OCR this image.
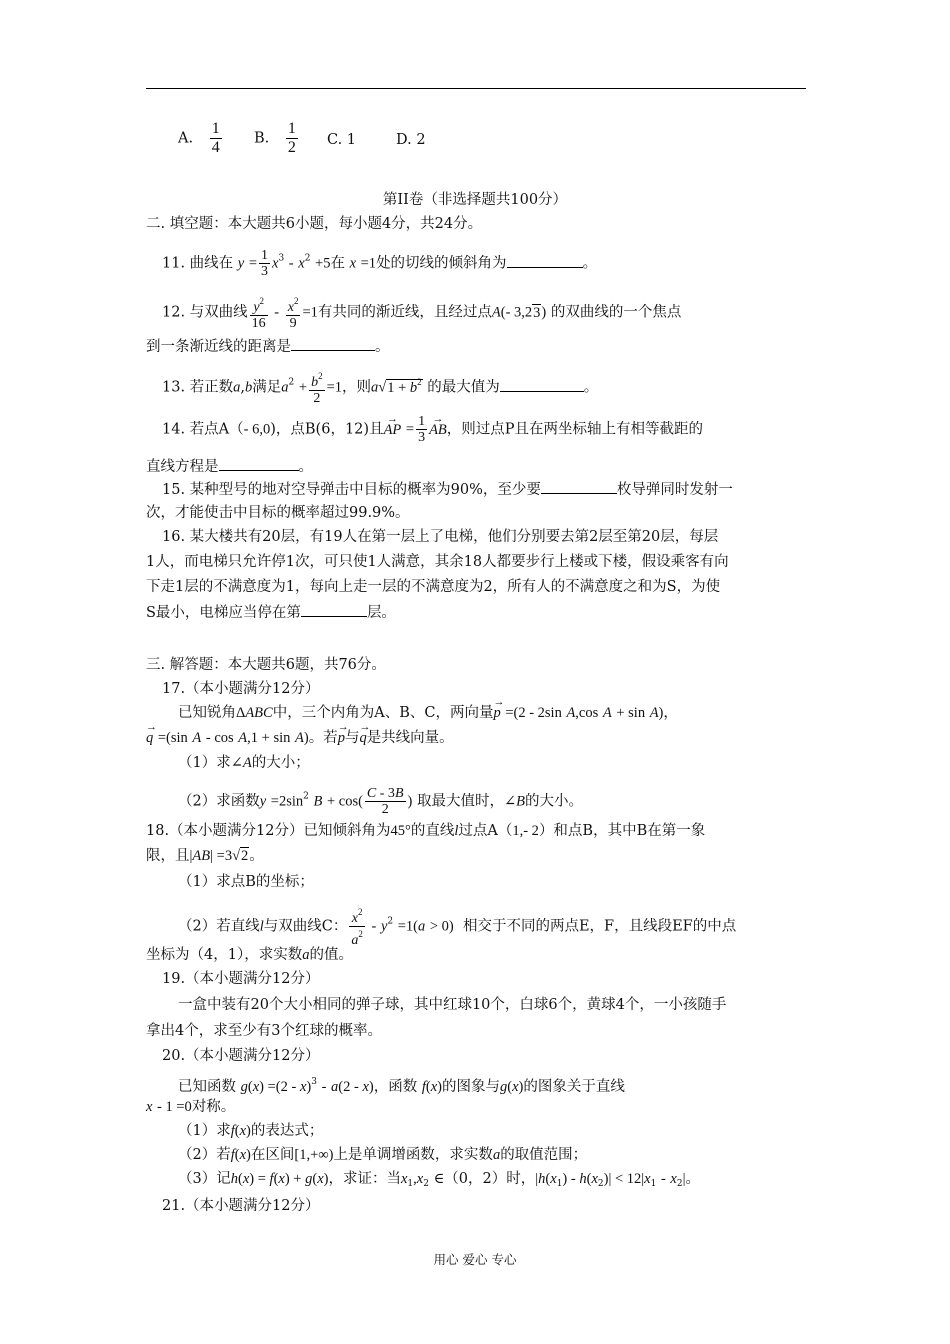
A. $\frac{1}{4} B$. $\frac{1}{2} C$. 1	D. 2
第II卷（非选择题共100分）
二. 填空题：本大题共6小题，每小题4分，共24分。
11. 曲线在 $y = \frac{1}{3} x^3 - x^2 +5$在 x =1处的切线的倾斜角为	。
12. 与双曲线 $\frac{y^2}{16} - \frac{x^2}{9} =1$有共同的渐近线，且经过点A(- 3,23) 的双曲线的一个焦点
到一条渐近线的距离是	。
13. 若正数a,b满足$a^2 + \frac{b^2}{2} =1$，则$a√1 + b^2$ 的最大值为	。
14. 若点A（- 6,0)，点B(6，12)且→ AP = $\frac{1}{3}$
→ AB，则过点P且在两坐标轴上有相等截距的
直线方程是	。
15. 某种型号的地对空导弹击中目标的概率为90%，至少要	枚导弹同时发射一
次，才能使击中目标的概率超过99.9%。
16. 某大楼共有20层，有19人在第一层上了电梯，他们分别要去第2层至第20层，每层
1人，而电梯只允许停1次，可只使1人满意，其余18人都要步行上楼或下楼，假设乘客有向
下走1层的不满意度为1，每向上走一层的不满意度为2，所有人的不满意度之和为S，为使
S最小，电梯应当停在第	层。
三. 解答题：本大题共6题，共76分。
17.（本小题满分12分）
已知锐角ΔABC中，三个内角为A、B、C，两向量→ p =(2 - 2sin A,cos A + sin A)，
→ q =(sin A - cos A,1 + sin A)。若→ p与→ q是共线向量。
（1）求∠A的大小；
（2）求函数$y =2\sin^2$ $B + \cos( \frac{C - 3B}{2}$ ) 取最大值时，∠B的大小。
18.（本小题满分12分）已知倾斜角为45°的直线l过点A（1,- 2）和点B，其中B在第一象
限，且|AB| =3√2。
（1）求点B的坐标；
（2）若直线l与双曲线C： $\frac{x^2}{a^2} - y^2 =1(a > 0)$ 相交于不同的两点E，F，且线段EF的中点
坐标为（4，1），求实数a的值。
19.（本小题满分12分）
一盒中装有20个大小相同的弹子球，其中红球10个，白球6个，黄球4个，一小孩随手
拿出4个，求至少有3个红球的概率。
20.（本小题满分12分）
已知函数 g(x) =(2 - x)$^3$ - a(2 - x)，函数 f(x)的图象与g(x)的图象关于直线
x - 1 =0对称。
（1）求f(x)的表达式；
（2）若f(x)在区间[1,+∞)上是单调增函数，求实数a的取值范围；
（3）记h(x) = f(x) + g(x)，求证：当$x_1,x_2$ ∈（0，2）时，$|h(x_1) - h(x_2)| < 12|x_1 - x_2|$。
21.（本小题满分12分）
用心 爱心 专心
